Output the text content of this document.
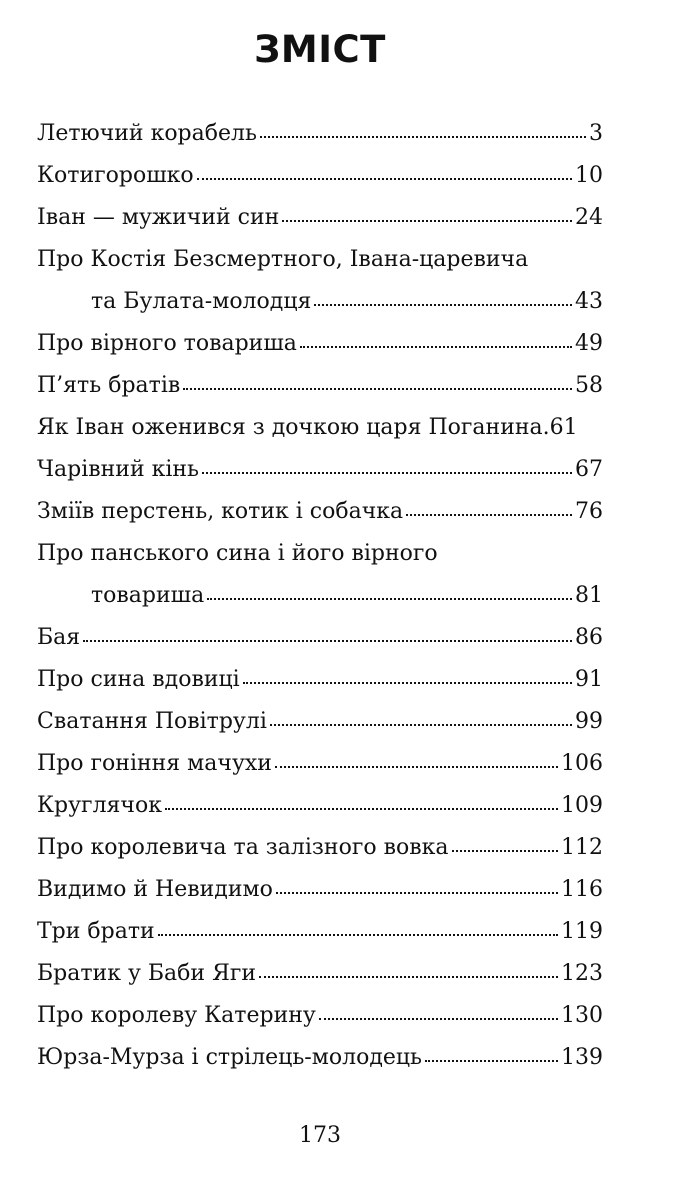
ЗМІСТ
Летючий корабель	3
Котигорошко	10
Іван — мужичий син	24
Про Костія Безсмертного, Івана-царевича
та Булата-молодця	43
Про вірного товариша	49
П’ять братів	58
Як Іван оженився з дочкою царя Поганина .61
Чарівний кінь	67
Зміїв перстень, котик і собачка	76
Про панського сина і його вірного
товариша	81
Бая	86
Про сина вдовиці	91
Сватання Повітрулі	99
Про гоніння мачухи	106
Круглячок	109
Про королевича та залізного вовка	112
Видимо й Невидимо	116
Три брати	119
Братик у Баби Яги	123
Про королеву Катерину	130
Юрза-Мурза і стрілець-молодець	139
173
